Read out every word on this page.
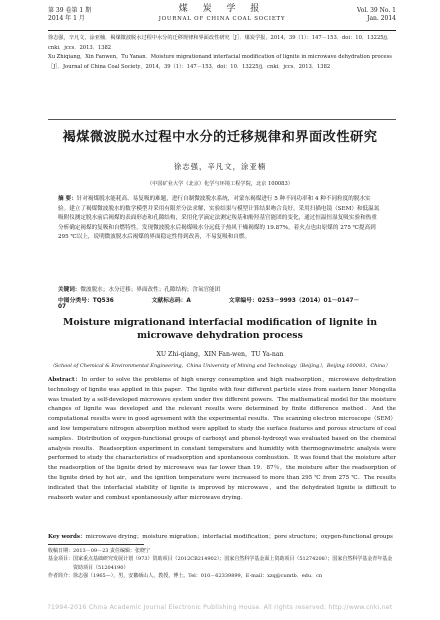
第 39 卷第 1 期
2014 年 1 月
煤 炭 学 报
JOURNAL OF CHINA COAL SOCIETY
Vol. 39 No. 1
Jan. 2014
徐志强，辛凡文，涂亚楠．褐煤微波脱水过程中水分的迁移规律和界面改性研究［J］．煤炭学报，2014，39（1）：147－153．doi：10．13225/j．cnki．jccs．2013．1382
Xu Zhiqiang，Xin Fanwen，Tu Yanan．Moisture migrationand interfacial modification of lignite in microwave dehydration process［J］．Journal of China Coal Society，2014，39（1）：147－153．doi：10．13225/j．cnki．jccs．2013．1382
褐煤微波脱水过程中水分的迁移规律和界面改性研究
徐志强，辛凡文，涂亚楠
（中国矿业大学（北京）化学与环境工程学院，北京 100083）
摘 要：针对褐煤脱水能耗高、易复吸的难题，进行自制微波脱水系统，对蒙东褐煤进行 5 种不同功率和 4 种不同粒度的脱水实验。建立了褐煤微波脱水的数学模型并采用有限差分法求解，实验结果与模型计算结果吻合良好。采用扫描电镜（SEM）和低温氮吸附仪测定脱水前后褐煤的表面形态和孔隙结构，采用化学滴定法测定羧基和酚羟基官能团的变化，通过恒温恒湿复吸实验和热重分析确定褐煤的复吸和自燃特性。发现微波脱水后褐煤吸水分远低于热风干燥褐煤的 19.87%，着火点也由原煤的 275 ℃提高到 295 ℃以上，说明微波脱水后褐煤的界面稳定性得到改善，不易复吸和自燃。
关键词：微波脱水；水分迁移；界面改性；孔隙结构；含氧官能团
中图分类号：TQ536	文献标志码：A	文章编号：0253－9993（2014）01－0147－07
Moisture migrationand interfacial modification of lignite in microwave dehydration process
XU Zhi-qiang，XIN Fan-wen，TU Ya-nan
（School of Chemical & Environmental Engineering，China University of Mining and Technology（Beijing），Beijing 100083，China）
Abstract：In order to solve the problems of high energy consumption and high reabsorption，microwave dehydration technology of lignite was applied in this paper．The lignite with four different particle sizes from eastern Inner Mongolia was treated by a self-developed microwave system under five different powers．The mathematical model for the moisture changes of lignite was developed and the relevant results were determined by finite difference method．And the computational results were in good agreement with the experimental results．The scanning electron microscope（SEM）and low temperature nitrogen absorption method were applied to study the surface features and porous structure of coal samples．Distribution of oxygen-functional groups of carboxyl and phenol-hydroxyl was evaluated based on the chemical analysis results．Readsorption experiment in constant temperature and humidity with thermogravimetric analysis were performed to study the characteristics of readsorption and spontaneous combustion．It was found that the moisture after the readsorption of the lignite dried by microwave was far lower than 19．87％，the moisture after the readsorption of the lignite dried by hot air，and the ignition temperature were increased to more than 295 ℃ from 275 ℃．The results indicated that the interfacial stability of lignite is improved by microwave，and the dehydrated lignite is difficult to reabsorb water and combust spontaneously after microwave drying．
Key words：microwave drying；moisture migration；interfacial modification；pore structure；oxygen-functional groups
收稿日期： 2013－09－23 责任编辑：张晓宁
基金项目： 国家重点基础研究发展计划（973）资助项目（2012CB214902）；国家自然科学基金面上资助项目（51274208）；国家自然科学基金青年基金资助项目（51204190）
作者简介： 徐志强（1965—），男，安徽砀山人，教授，博士。Tel：010－62339899，E-mail：xzq@cumtb．edu．cn
?1994-2016 China Academic Journal Electronic Publishing House. All rights reserved. http://www.cnki.net
